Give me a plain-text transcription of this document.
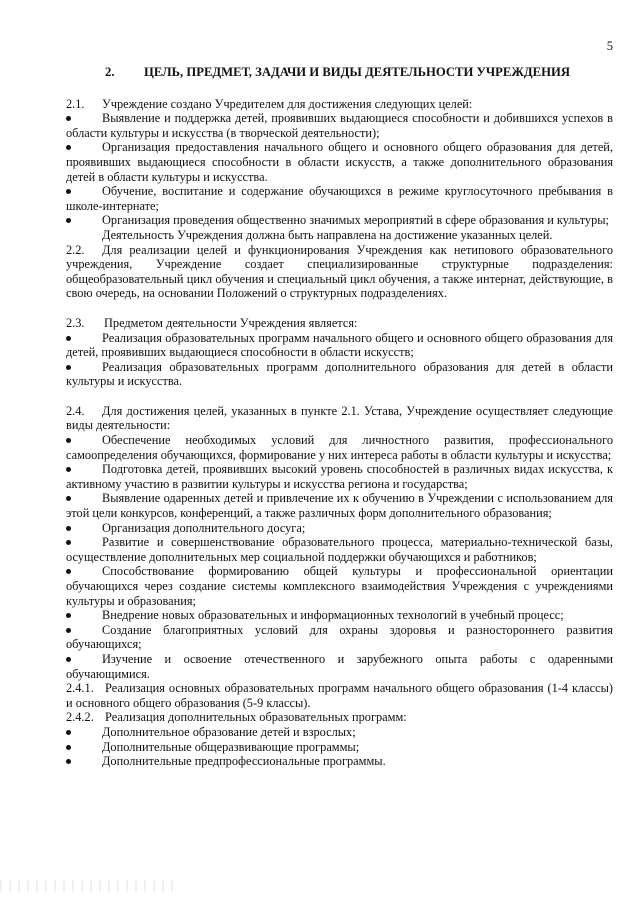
5
2.	ЦЕЛЬ, ПРЕДМЕТ, ЗАДАЧИ И ВИДЫ ДЕЯТЕЛЬНОСТИ УЧРЕЖДЕНИЯ
2.1. Учреждение создано Учредителем для достижения следующих целей:
Выявление и поддержка детей, проявивших выдающиеся способности и добившихся успехов в области культуры и искусства (в творческой деятельности);
Организация предоставления начального общего и основного общего образования для детей, проявивших выдающиеся способности в области искусств, а также дополнительного образования детей в области культуры и искусства.
Обучение, воспитание и содержание обучающихся в режиме круглосуточного пребывания в школе-интернате;
Организация проведения общественно значимых мероприятий в сфере образования и культуры;
Деятельность Учреждения должна быть направлена на достижение указанных целей.
2.2. Для реализации целей и функционирования Учреждения как нетипового образовательного учреждения, Учреждение создает специализированные структурные подразделения: общеобразовательный цикл обучения и специальный цикл обучения, а также интернат, действующие, в свою очередь, на основании Положений о структурных подразделениях.
2.3. Предметом деятельности Учреждения является:
Реализация образовательных программ начального общего и основного общего образования для детей, проявивших выдающиеся способности в области искусств;
Реализация образовательных программ дополнительного образования для детей в области культуры и искусства.
2.4. Для достижения целей, указанных в пункте 2.1. Устава, Учреждение осуществляет следующие виды деятельности:
Обеспечение необходимых условий для личностного развития, профессионального самоопределения обучающихся, формирование у них интереса работы в области культуры и искусства;
Подготовка детей, проявивших высокий уровень способностей в различных видах искусства, к активному участию в развитии культуры и искусства региона и государства;
Выявление одаренных детей и привлечение их к обучению в Учреждении с использованием для этой цели конкурсов, конференций, а также различных форм дополнительного образования;
Организация дополнительного досуга;
Развитие и совершенствование образовательного процесса, материально-технической базы, осуществление дополнительных мер социальной поддержки обучающихся и работников;
Способствование формированию общей культуры и профессиональной ориентации обучающихся через создание системы комплексного взаимодействия Учреждения с учреждениями культуры и образования;
Внедрение новых образовательных и информационных технологий в учебный процесс;
Создание благоприятных условий для охраны здоровья и разностороннего развития обучающихся;
Изучение и освоение отечественного и зарубежного опыта работы с одаренными обучающимися.
2.4.1. Реализация основных образовательных программ начального общего образования (1-4 классы) и основного общего образования (5-9 классы).
2.4.2. Реализация дополнительных образовательных программ:
Дополнительное образование детей и взрослых;
Дополнительные общеразвивающие программы;
Дополнительные предпрофессиональные программы.
